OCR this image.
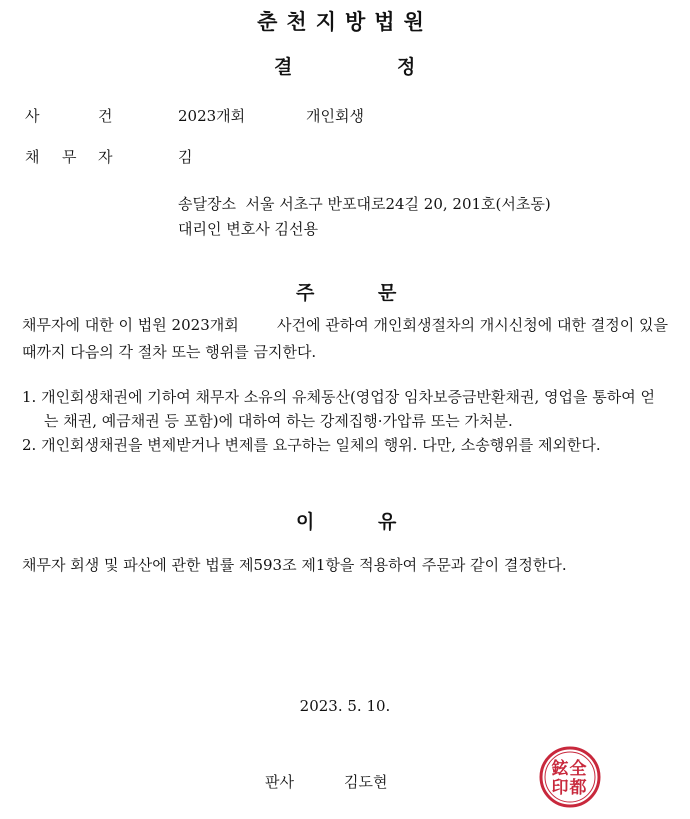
춘천지방법원
결	정
사	건	2023개회	개인회생
채 무 자	김
송달장소  서울 서초구 반포대로24길 20, 201호(서초동)
대리인 변호사 김선용
주	문
채무자에 대한 이 법원 2023개회        사건에 관하여 개인회생절차의 개시신청에 대한 결정이 있을 때까지 다음의 각 절차 또는 행위를 금지한다.
1. 개인회생채권에 기하여 채무자 소유의 유체동산(영업장 임차보증금반환채권, 영업을 통하여 얻는 채권, 예금채권 등 포함)에 대하여 하는 강제집행·가압류 또는 가처분.
2. 개인회생채권을 변제받거나 변제를 요구하는 일체의 행위. 다만, 소송행위를 제외한다.
이	유
채무자 회생 및 파산에 관한 법률 제593조 제1항을 적용하여 주문과 같이 결정한다.
2023. 5. 10.
판사	김도현
全
都
鉉
印
